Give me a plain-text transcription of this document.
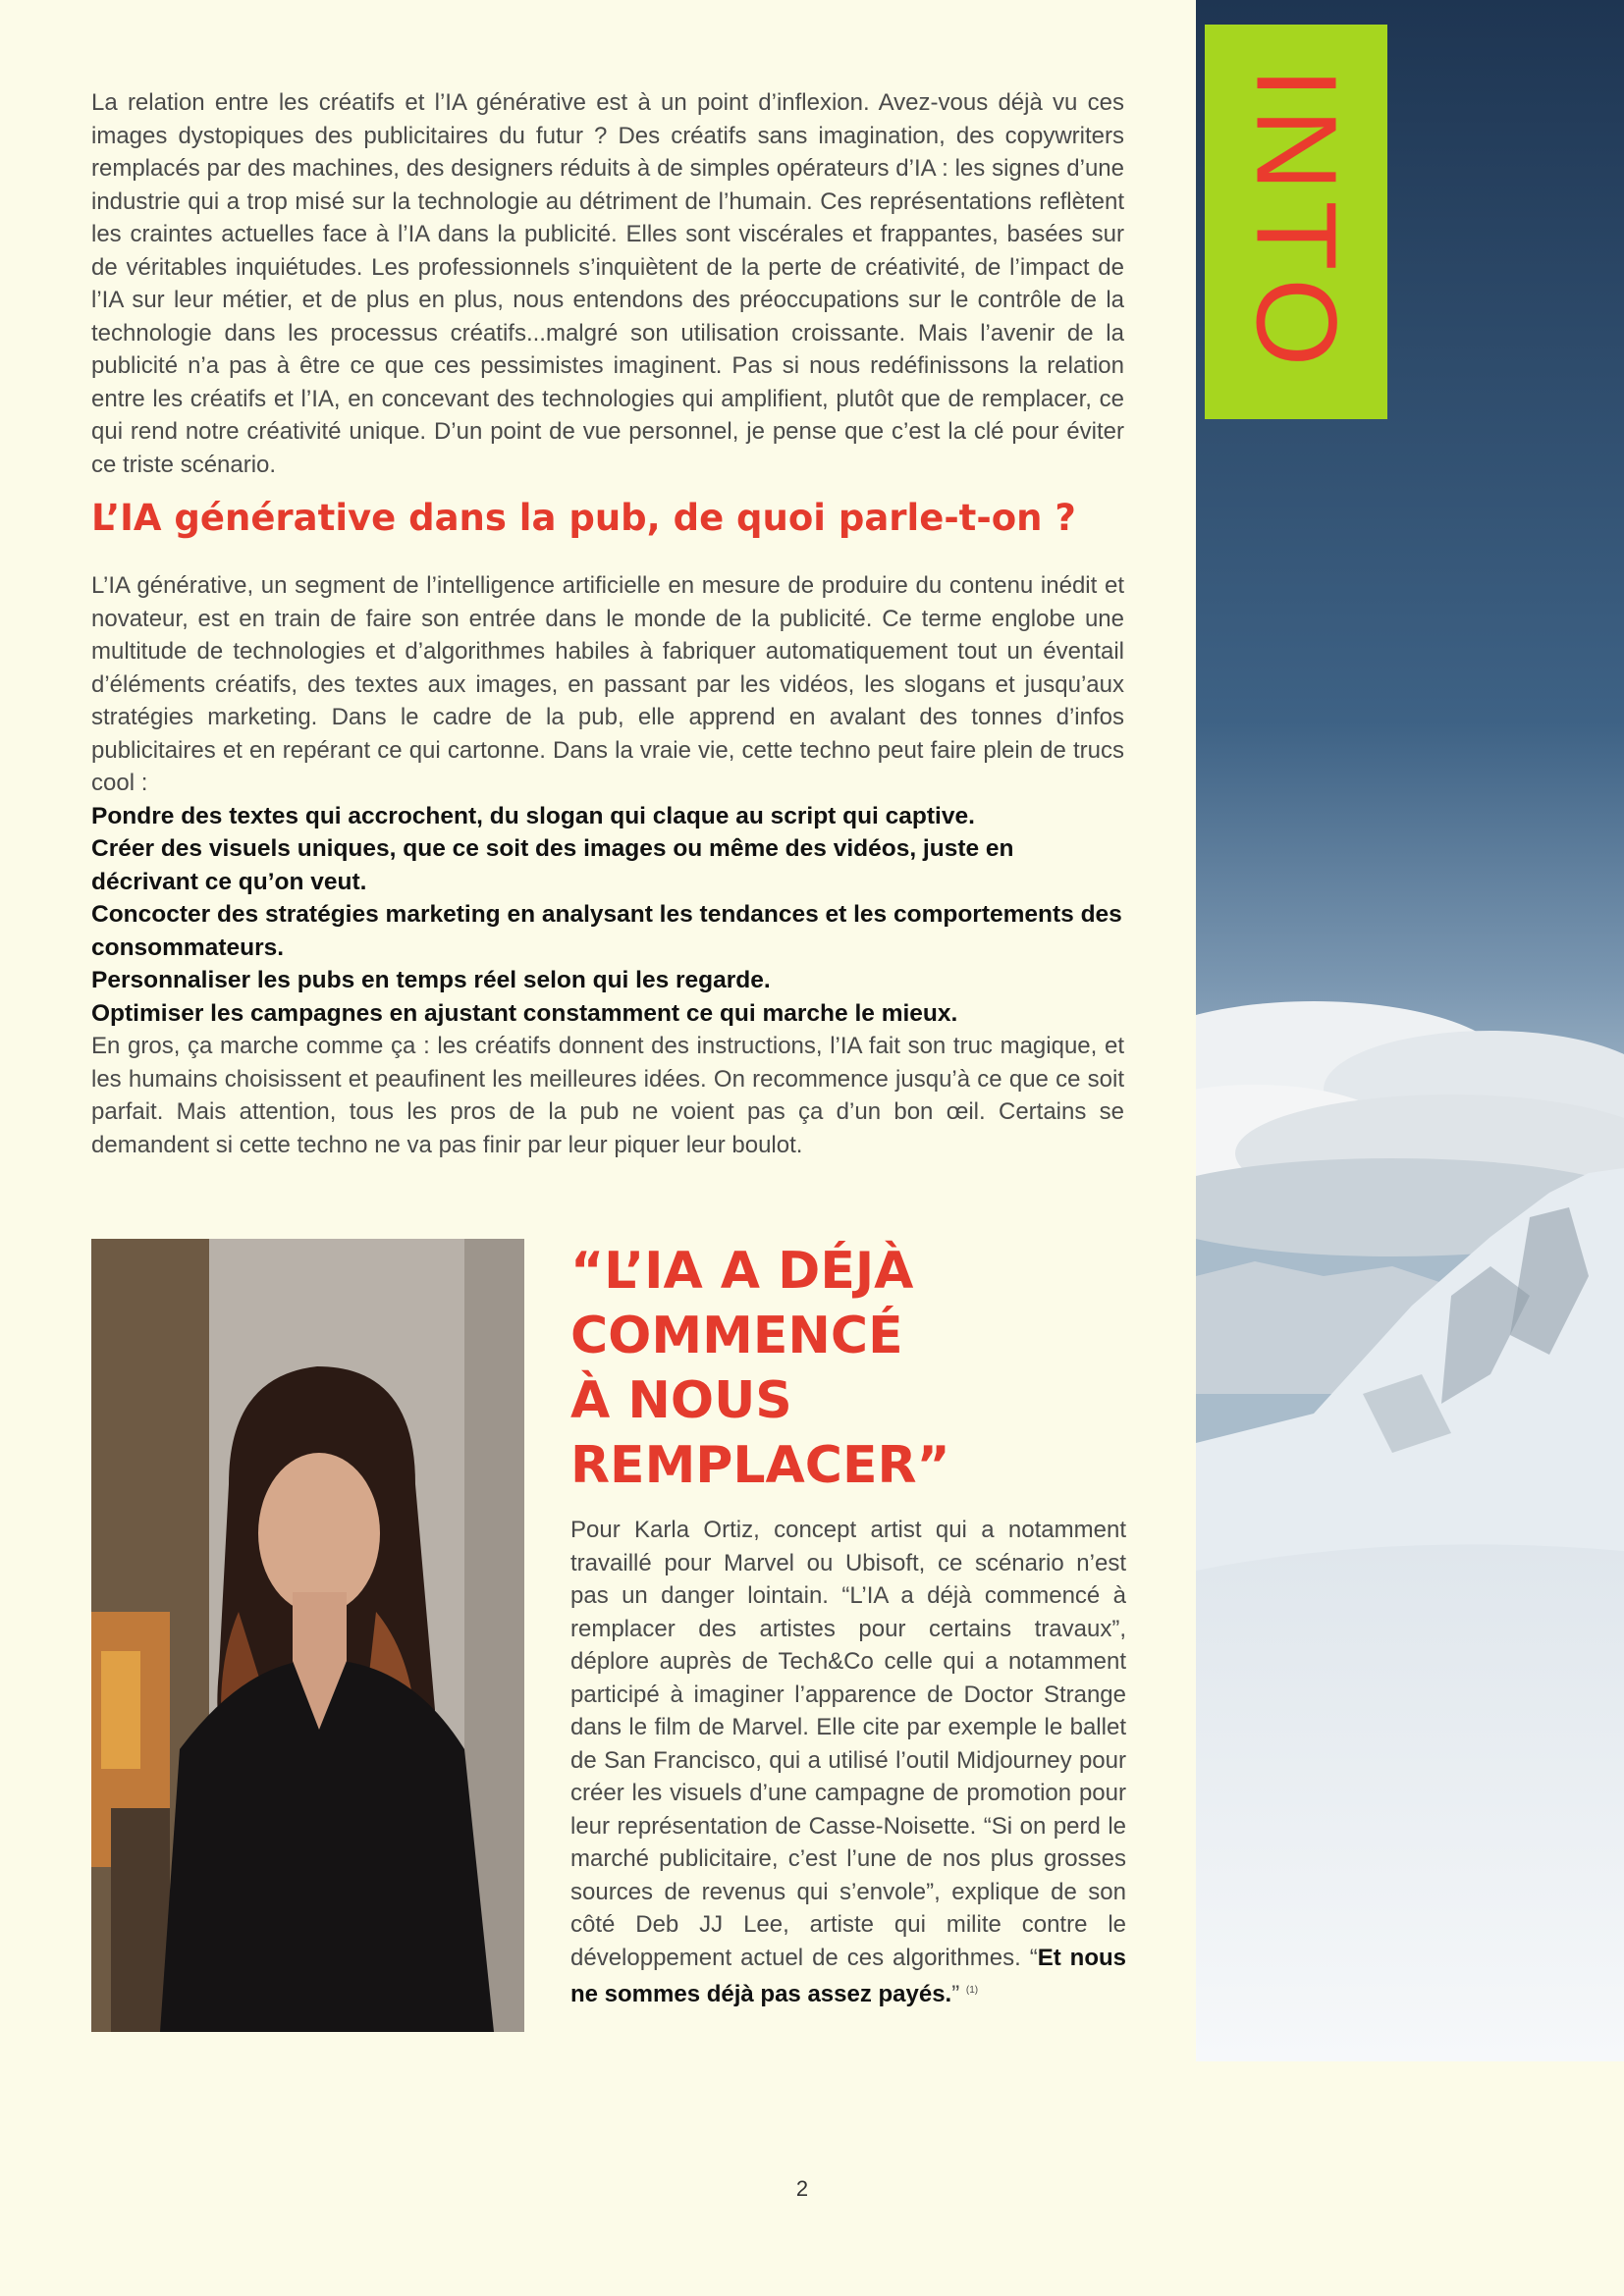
INTO

La relation entre les créatifs et l’IA générative est à un point d’inflexion. Avez-vous déjà vu ces images dystopiques des publicitaires du futur ? Des créatifs sans imagination, des copywriters remplacés par des machines, des designers réduits à de simples opérateurs d’IA : les signes d’une industrie qui a trop misé sur la technologie au détriment de l’humain. Ces représentations reflètent les craintes actuelles face à l’IA dans la publicité. Elles sont viscérales et frappantes, basées sur de véritables inquiétudes. Les professionnels s’inquiètent de la perte de créativité, de l’impact de l’IA sur leur métier, et de plus en plus, nous entendons des préoccupations sur le contrôle de la technologie dans les processus créatifs...malgré son utilisation croissante. Mais l’avenir de la publicité n’a pas à être ce que ces pessimistes imaginent. Pas si nous redéfinissons la relation entre les créatifs et l’IA, en concevant des technologies qui amplifient, plutôt que de remplacer, ce qui rend notre créativité unique. D’un point de vue personnel, je pense que c’est la clé pour éviter ce triste scénario.

L’IA générative dans la pub, de quoi parle-t-on ?

L’IA générative, un segment de l’intelligence artificielle en mesure de produire du contenu inédit et novateur, est en train de faire son entrée dans le monde de la publicité. Ce terme englobe une multitude de technologies et d’algorithmes habiles à fabriquer automatiquement tout un éventail d’éléments créatifs, des textes aux images, en passant par les vidéos, les slogans et jusqu’aux stratégies marketing. Dans le cadre de la pub, elle apprend en avalant des tonnes d’infos publicitaires et en repérant ce qui cartonne. Dans la vraie vie, cette techno peut faire plein de trucs cool :

Pondre des textes qui accrochent, du slogan qui claque au script qui captive.
Créer des visuels uniques, que ce soit des images ou même des vidéos, juste en décrivant ce qu’on veut.
Concocter des stratégies marketing en analysant les tendances et les comportements des consommateurs.
Personnaliser les pubs en temps réel selon qui les regarde.
Optimiser les campagnes en ajustant constamment ce qui marche le mieux.

En gros, ça marche comme ça : les créatifs donnent des instructions, l’IA fait son truc magique, et les humains choisissent et peaufinent les meilleures idées. On recommence jusqu’à ce que ce soit parfait. Mais attention, tous les pros de la pub ne voient pas ça d’un bon œil. Certains se demandent si cette techno ne va pas finir par leur piquer leur boulot.

“L’IA A DÉJÀ
COMMENCÉ
À NOUS
REMPLACER”

Pour Karla Ortiz, concept artist qui a notamment travaillé pour Marvel ou Ubisoft, ce scénario n’est pas un danger lointain. “L’IA a déjà commencé à remplacer des artistes pour certains travaux”, déplore auprès de Tech&Co celle qui a notamment participé à imaginer l’apparence de Doctor Strange dans le film de Marvel. Elle cite par exemple le ballet de San Francisco, qui a utilisé l’outil Midjourney pour créer les visuels d’une campagne de promotion pour leur représentation de Casse-Noisette. “Si on perd le marché publicitaire, c’est l’une de nos plus grosses sources de revenus qui s’envole”, explique de son côté Deb JJ Lee, artiste qui milite contre le développement actuel de ces algorithmes. “Et nous ne sommes déjà pas assez payés.” $^{(1)}$

2
